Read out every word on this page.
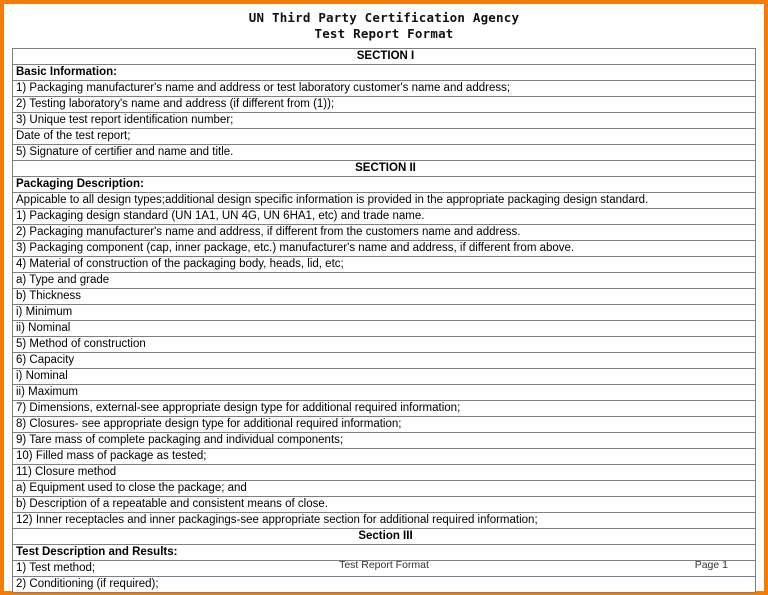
UN Third Party Certification Agency
Test Report Format
SECTION I
Basic Information:
1) Packaging manufacturer's name and address or test laboratory customer's name and address;
2) Testing laboratory's name and address (if different from (1));
3) Unique test report identification number;
Date of the test report;
5) Signature of certifier and name and title.
SECTION II
Packaging Description:
Appicable to all design types;additional design specific information is provided in the appropriate packaging design standard.
1) Packaging design standard (UN 1A1, UN 4G, UN 6HA1, etc) and trade name.
2) Packaging manufacturer's name and address, if different from the customers name and address.
3) Packaging component (cap, inner package, etc.) manufacturer's name and address, if different from above.
4) Material of construction of the packaging body, heads, lid, etc;
a) Type and grade
b) Thickness
i) Minimum
ii) Nominal
5) Method of construction
6) Capacity
i) Nominal
ii) Maximum
7) Dimensions, external-see appropriate design type for additional required information;
8) Closures- see appropriate design type for additional required information;
9) Tare mass of complete packaging and individual components;
10) Filled mass of package as tested;
11) Closure method
a) Equipment used to close the package; and
b) Description of a repeatable and consistent means of close.
12) Inner receptacles and inner packagings-see appropriate section for additional required information;
Section III
Test Description and Results:
1) Test method;
2) Conditioning (if required);
Test Report Format	Page 1
